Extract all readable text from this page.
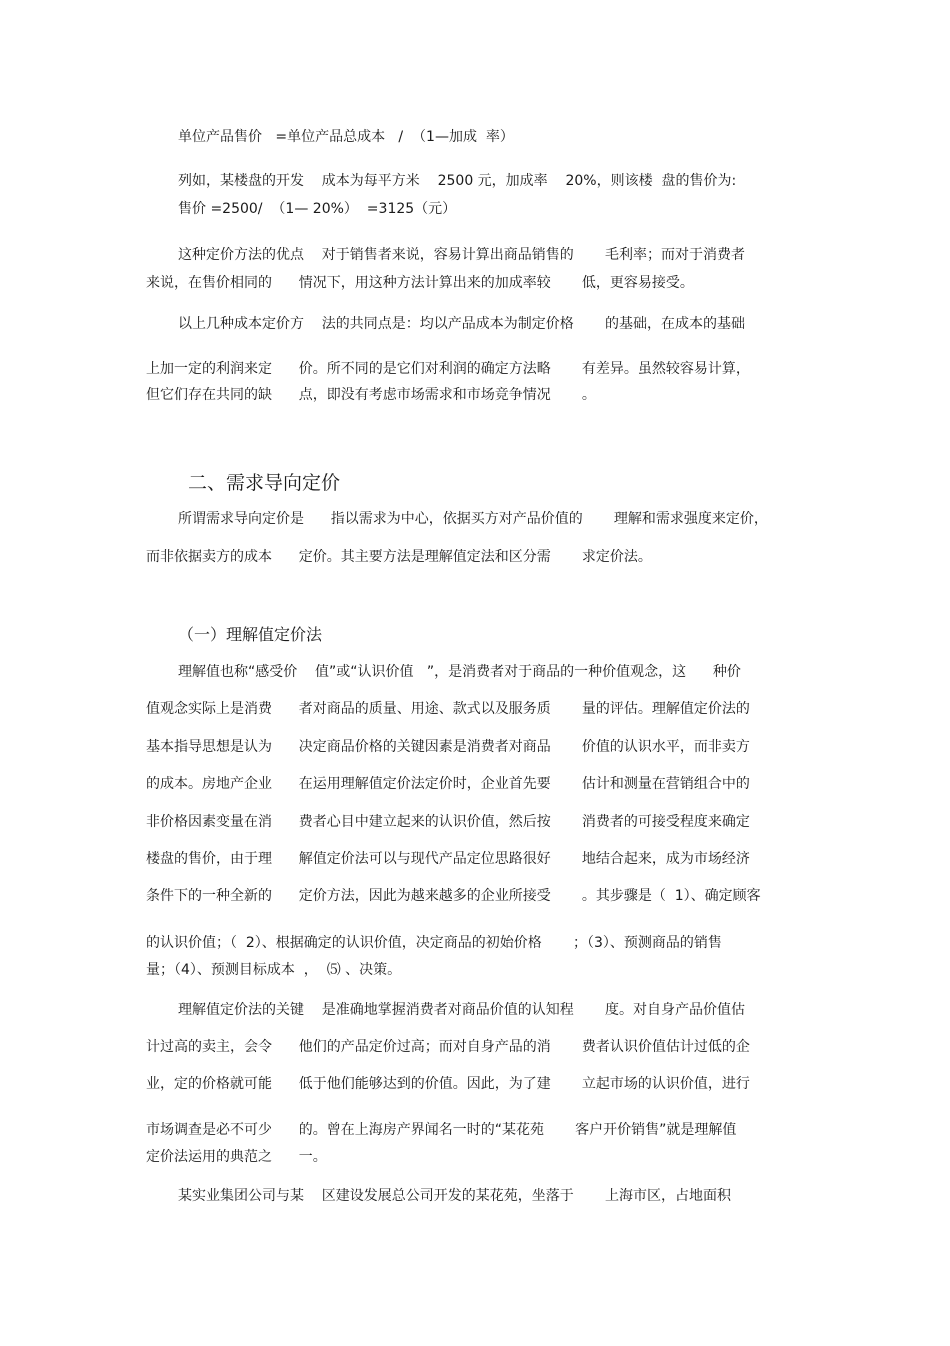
单位产品售价   =单位产品总成本   /  （1—加成  率）
列如，某楼盘的开发    成本为每平方米    2500 元，加成率    20%，则该楼  盘的售价为:
售价 =2500/  （1— 20%）  =3125（元）
这种定价方法的优点    对于销售者来说，容易计算出商品销售的       毛利率；而对于消费者
来说，在售价相同的      情况下，用这种方法计算出来的加成率较       低，更容易接受。
以上几种成本定价方    法的共同点是：均以产品成本为制定价格       的基础，在成本的基础
上加一定的利润来定      价。所不同的是它们对利润的确定方法略       有差异。虽然较容易计算，
但它们存在共同的缺      点，即没有考虑市场需求和市场竞争情况       。
二、需求导向定价
所谓需求导向定价是      指以需求为中心，依据买方对产品价值的       理解和需求强度来定价，
而非依据卖方的成本      定价。其主要方法是理解值定法和区分需       求定价法。
（一）理解值定价法
理解值也称“感受价    值”或“认识价值   ”，是消费者对于商品的一种价值观念，这      种价
值观念实际上是消费      者对商品的质量、用途、款式以及服务质       量的评估。理解值定价法的
基本指导思想是认为      决定商品价格的关键因素是消费者对商品       价值的认识水平，而非卖方
的成本。房地产企业      在运用理解值定价法定价时，企业首先要       估计和测量在营销组合中的
非价格因素变量在消      费者心目中建立起来的认识价值，然后按       消费者的可接受程度来确定
楼盘的售价，由于理      解值定价法可以与现代产品定位思路很好       地结合起来，成为市场经济
条件下的一种全新的      定价方法，因此为越来越多的企业所接受       。其步骤是（  1）、确定顾客
的认识价值；（  2）、根据确定的认识价值，决定商品的初始价格       ；（3）、预测商品的销售
量；（4）、预测目标成本  ，  ⑸ 、决策。
理解值定价法的关键    是准确地掌握消费者对商品价值的认知程       度。对自身产品价值估
计过高的卖主，会令      他们的产品定价过高；而对自身产品的消       费者认识价值估计过低的企
业，定的价格就可能      低于他们能够达到的价值。因此，为了建       立起市场的认识价值，进行
市场调查是必不可少      的。曾在上海房产界闻名一时的“某花苑       客户开价销售”就是理解值
定价法运用的典范之      一。
某实业集团公司与某    区建设发展总公司开发的某花苑，坐落于       上海市区，占地面积
